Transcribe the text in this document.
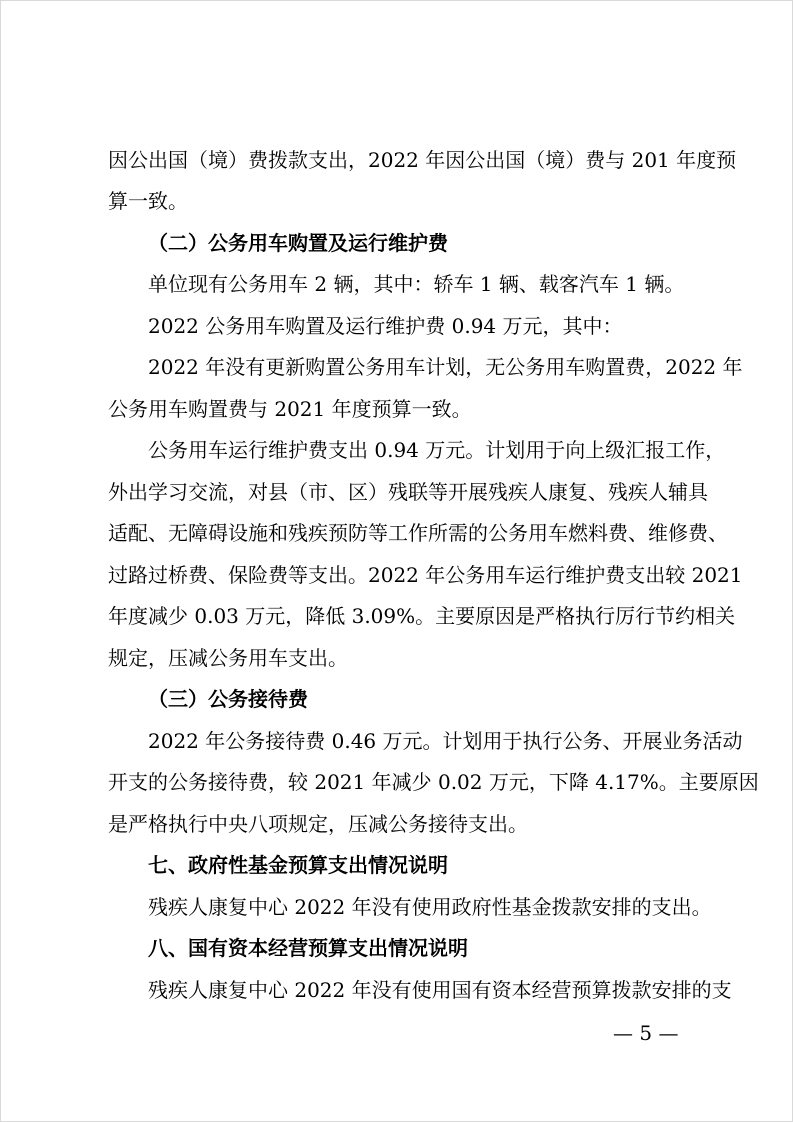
因公出国（境）费拨款支出，2022 年因公出国（境）费与 201 年度预
算一致。
（二）公务用车购置及运行维护费
单位现有公务用车 2 辆，其中：轿车 1 辆、载客汽车 1 辆。
2022 公务用车购置及运行维护费 0.94 万元，其中：
2022 年没有更新购置公务用车计划，无公务用车购置费，2022 年
公务用车购置费与 2021 年度预算一致。
公务用车运行维护费支出 0.94 万元。计划用于向上级汇报工作，
外出学习交流，对县（市、区）残联等开展残疾人康复、残疾人辅具
适配、无障碍设施和残疾预防等工作所需的公务用车燃料费、维修费、
过路过桥费、保险费等支出。2022 年公务用车运行维护费支出较 2021
年度减少 0.03 万元，降低 3.09%。主要原因是严格执行厉行节约相关
规定，压减公务用车支出。
（三）公务接待费
2022 年公务接待费 0.46 万元。计划用于执行公务、开展业务活动
开支的公务接待费，较 2021 年减少 0.02 万元，下降 4.17%。主要原因
是严格执行中央八项规定，压减公务接待支出。
七、政府性基金预算支出情况说明
残疾人康复中心 2022 年没有使用政府性基金拨款安排的支出。
八、国有资本经营预算支出情况说明
残疾人康复中心 2022 年没有使用国有资本经营预算拨款安排的支
— 5 —
